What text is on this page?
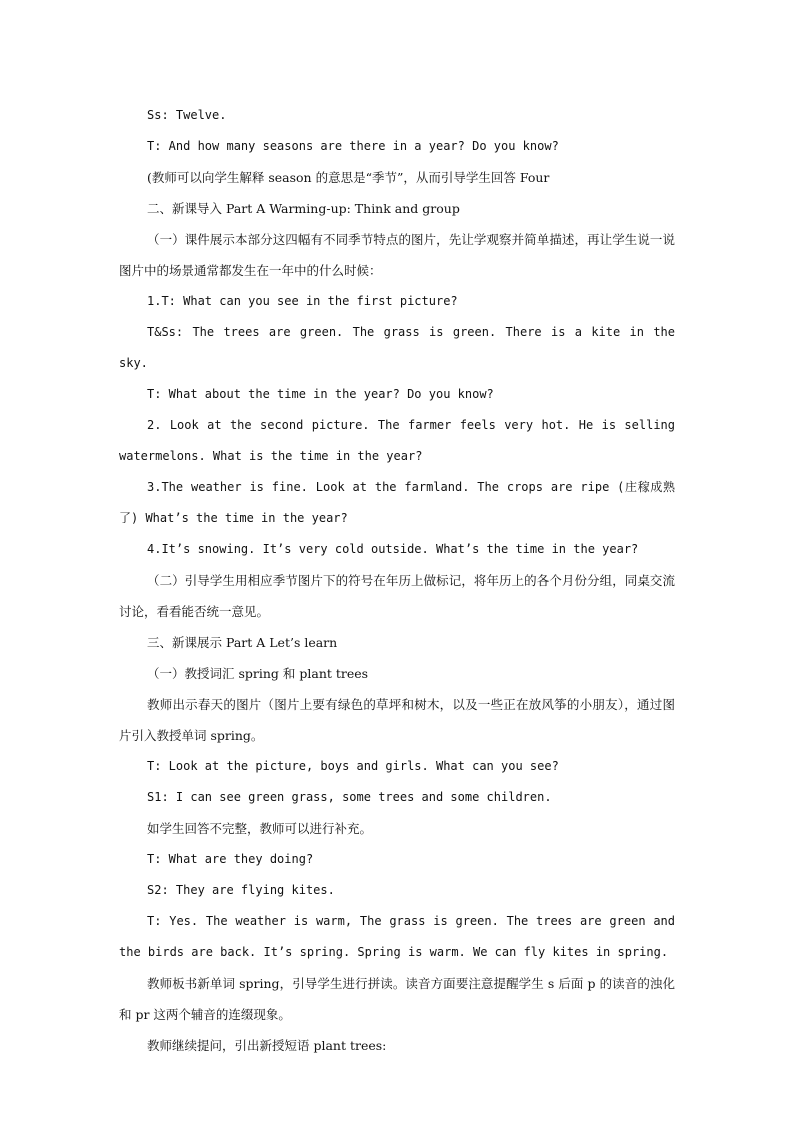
Ss: Twelve.

T: And how many seasons are there in a year? Do you know?

(教师可以向学生解释 season 的意思是“季节”，从而引导学生回答 Four

二、新课导入 Part A Warming-up: Think and group

（一）课件展示本部分这四幅有不同季节特点的图片，先让学观察并简单描述，再让学生说一说图片中的场景通常都发生在一年中的什么时候：

1.T: What can you see in the first picture?

T&Ss: The trees are green. The grass is green. There is a kite in the sky.

T: What about the time in the year? Do you know?

2. Look at the second picture. The farmer feels very hot. He is selling watermelons. What is the time in the year?

3.The weather is fine. Look at the farmland. The crops are ripe (庄稼成熟了) What’s the time in the year?

4.It’s snowing. It’s very cold outside. What’s the time in the year?

（二）引导学生用相应季节图片下的符号在年历上做标记，将年历上的各个月份分组，同桌交流讨论，看看能否统一意见。

三、新课展示 Part A Let’s learn

（一）教授词汇 spring 和 plant trees

教师出示春天的图片（图片上要有绿色的草坪和树木，以及一些正在放风筝的小朋友），通过图片引入教授单词 spring。

T: Look at the picture, boys and girls. What can you see?

S1: I can see green grass, some trees and some children.

如学生回答不完整，教师可以进行补充。

T: What are they doing?

S2: They are flying kites.

T: Yes. The weather is warm, The grass is green. The trees are green and the birds are back. It’s spring. Spring is warm. We can fly kites in spring.

教师板书新单词 spring，引导学生进行拼读。读音方面要注意提醒学生 s 后面 p 的读音的浊化和 pr 这两个辅音的连缀现象。

教师继续提问，引出新授短语 plant trees:
